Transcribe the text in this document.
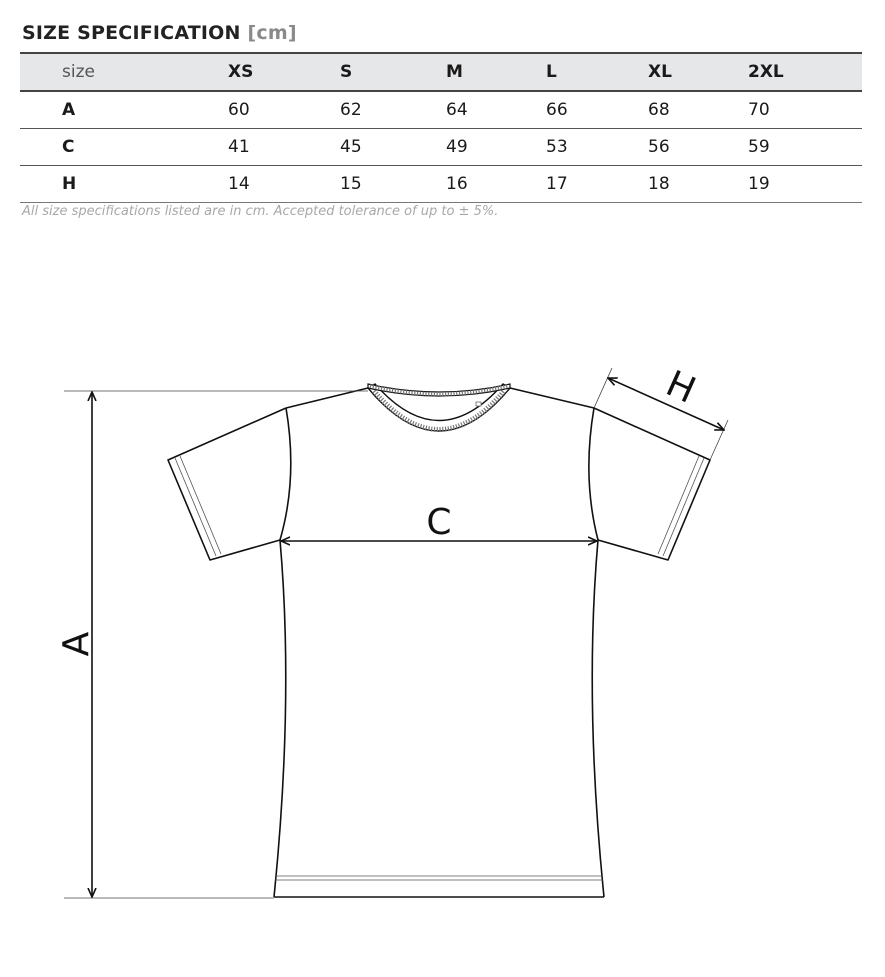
SIZE SPECIFICATION [cm]
size	XS	S	M	L	XL	2XL
A	60	62	64	66	68	70
C	41	45	49	53	56	59
H	14	15	16	17	18	19
All size specifications listed are in cm. Accepted tolerance of up to ± 5%.
A
C
H
